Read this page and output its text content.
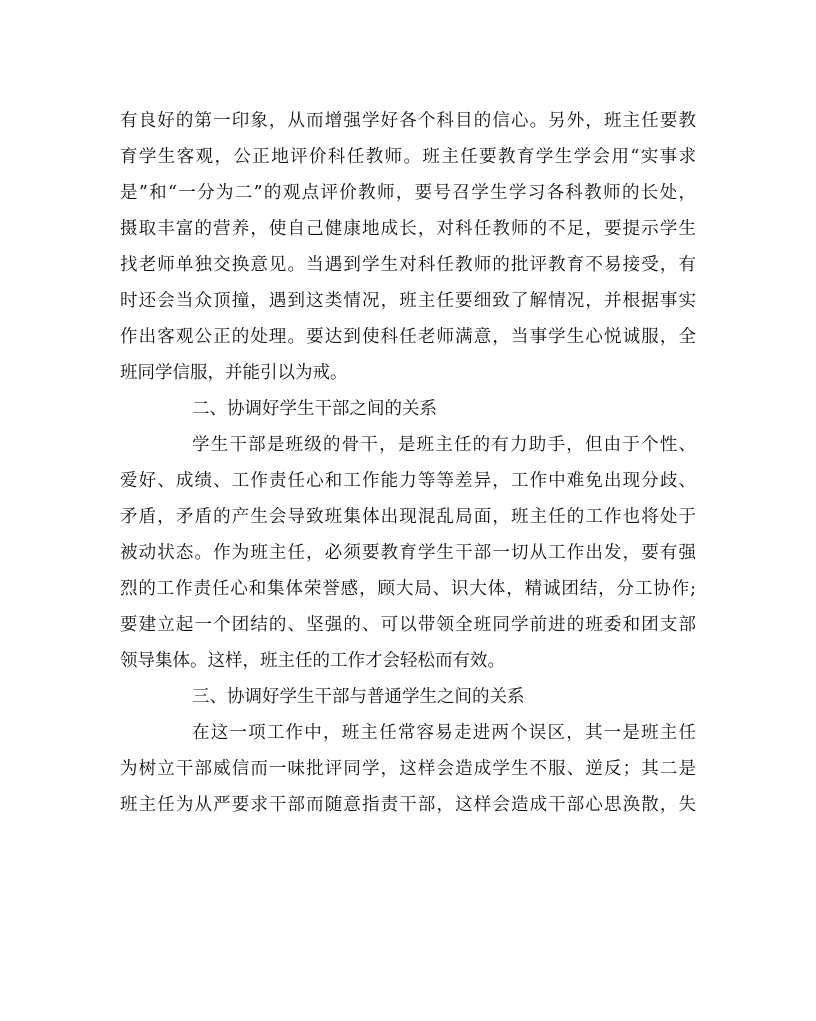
有良好的第一印象，从而增强学好各个科目的信心。另外，班主任要教
育学生客观，公正地评价科任教师。班主任要教育学生学会用“实事求
是”和“一分为二”的观点评价教师，要号召学生学习各科教师的长处，
摄取丰富的营养，使自己健康地成长，对科任教师的不足，要提示学生
找老师单独交换意见。当遇到学生对科任教师的批评教育不易接受，有
时还会当众顶撞，遇到这类情况，班主任要细致了解情况，并根据事实
作出客观公正的处理。要达到使科任老师满意，当事学生心悦诚服，全
班同学信服，并能引以为戒。
二、协调好学生干部之间的关系
学生干部是班级的骨干，是班主任的有力助手，但由于个性、
爱好、成绩、工作责任心和工作能力等等差异，工作中难免出现分歧、
矛盾，矛盾的产生会导致班集体出现混乱局面，班主任的工作也将处于
被动状态。作为班主任，必须要教育学生干部一切从工作出发，要有强
烈的工作责任心和集体荣誉感，顾大局、识大体，精诚团结，分工协作;
要建立起一个团结的、坚强的、可以带领全班同学前进的班委和团支部
领导集体。这样，班主任的工作才会轻松而有效。
三、协调好学生干部与普通学生之间的关系
在这一项工作中，班主任常容易走进两个误区，其一是班主任
为树立干部威信而一味批评同学，这样会造成学生不服、逆反；其二是
班主任为从严要求干部而随意指责干部，这样会造成干部心思涣散，失
